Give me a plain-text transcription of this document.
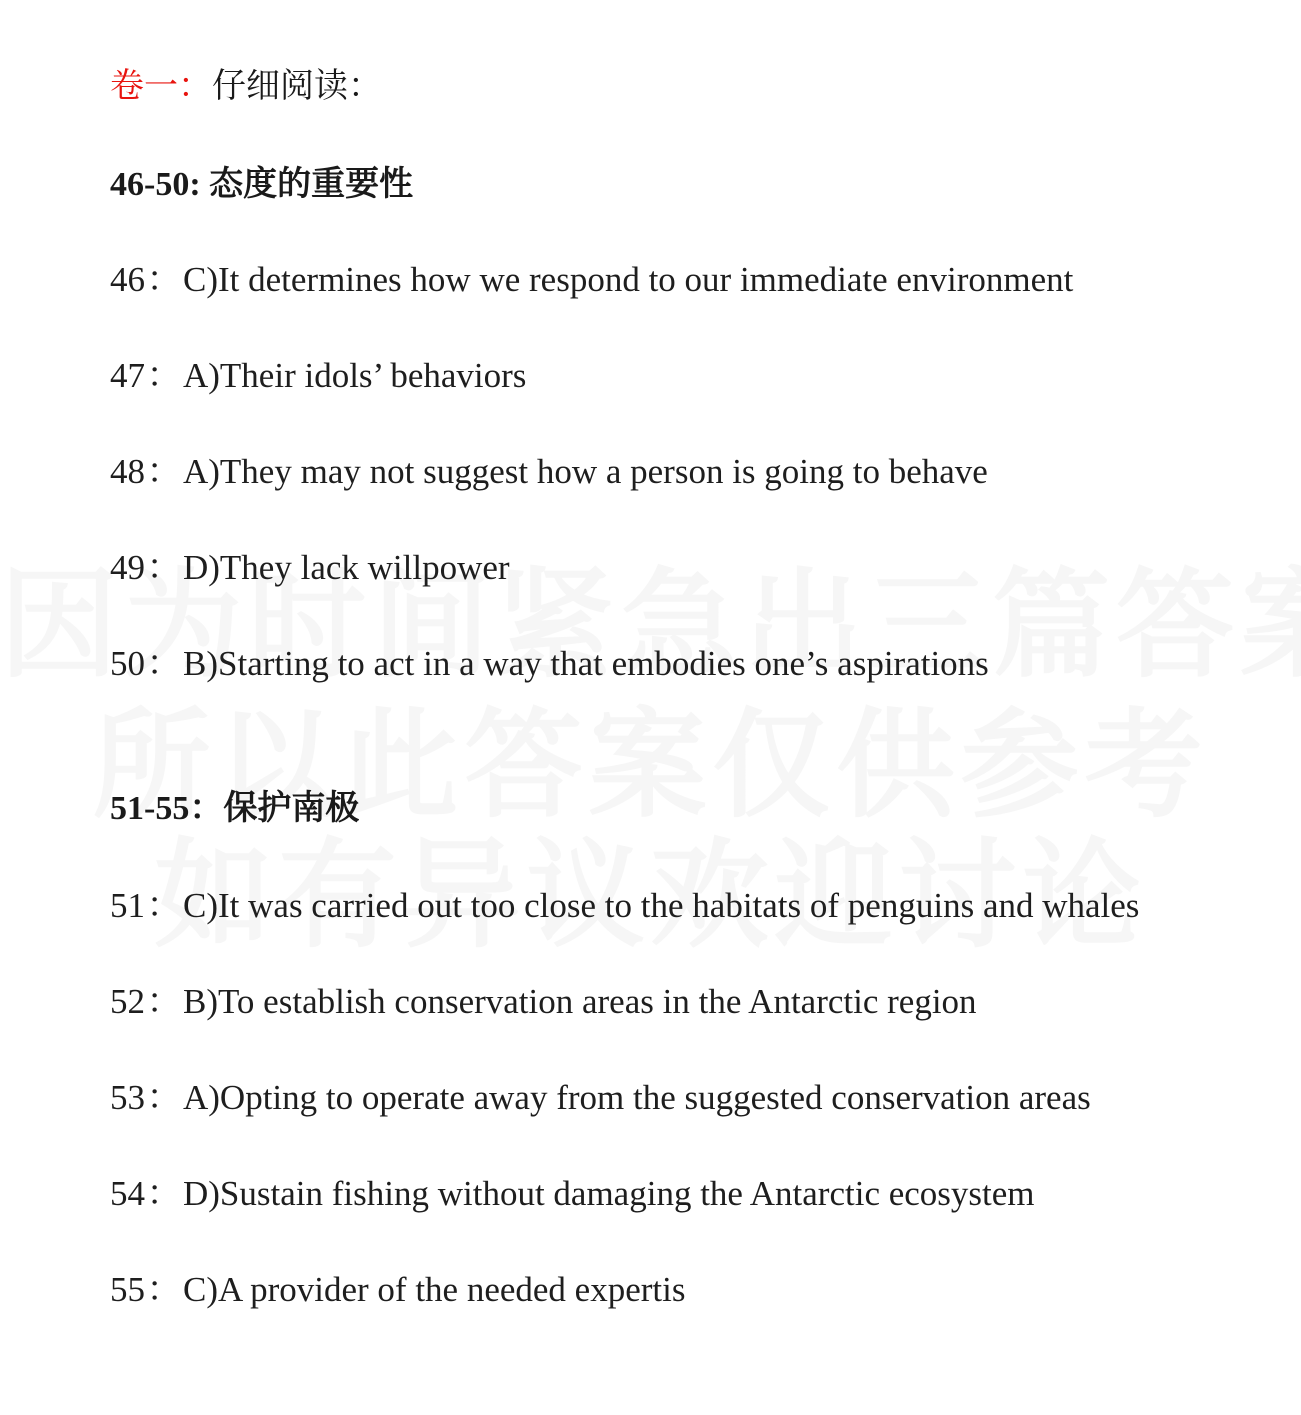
卷一：仔细阅读：
46-50: 态度的重要性
46：C)It determines how we respond to our immediate environment
47：A)Their idols’ behaviors
48：A)They may not suggest how a person is going to behave
49：D)They lack willpower
50：B)Starting to act in a way that embodies one’s aspirations
51-55：保护南极
51：C)It was carried out too close to the habitats of penguins and whales
52：B)To establish conservation areas in the Antarctic region
53：A)Opting to operate away from the suggested conservation areas
54：D)Sustain fishing without damaging the Antarctic ecosystem
55：C)A provider of the needed expertis
